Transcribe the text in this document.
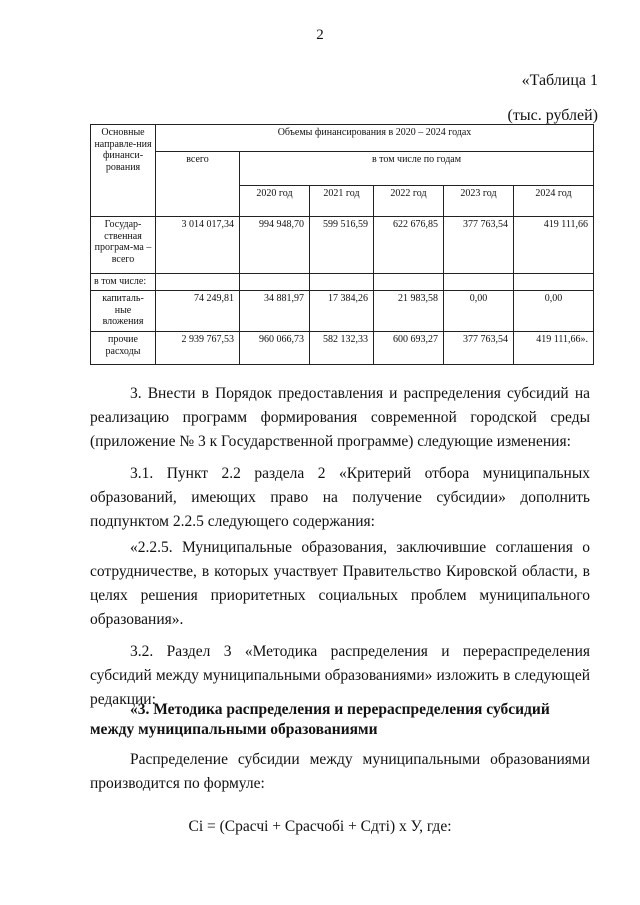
2
«Таблица 1
(тыс. рублей)
Основные направле-ния финанси-рования	Объемы финансирования в 2020 – 2024 годах					
	всего	в том числе по годам				
		2020 год	2021 год	2022 год	2023 год	2024 год
Государ-ственная програм-ма – всего	3 014 017,34	994 948,70	599 516,59	622 676,85	377 763,54	419 111,66
в том числе:						
капиталь-ные вложения	74 249,81	34 881,97	17 384,26	21 983,58	0,00	0,00
прочие расходы	2 939 767,53	960 066,73	582 132,33	600 693,27	377 763,54	419 111,66».

3. Внести в Порядок предоставления и распределения субсидий на реализацию программ формирования современной городской среды (приложение № 3 к Государственной программе) следующие изменения:

3.1. Пункт 2.2 раздела 2 «Критерий отбора муниципальных образований, имеющих право на получение субсидии» дополнить подпунктом 2.2.5 следующего содержания:

«2.2.5. Муниципальные образования, заключившие соглашения о сотрудничестве, в которых участвует Правительство Кировской области, в целях решения приоритетных социальных проблем муниципального образования».

3.2. Раздел 3 «Методика распределения и перераспределения субсидий между муниципальными образованиями» изложить в следующей редакции:

«3. Методика распределения и перераспределения субсидий между муниципальными образованиями

Распределение субсидии между муниципальными образованиями производится по формуле:

Ci = (Срасчi + Срасчобi + Сдтi) х У, где:
